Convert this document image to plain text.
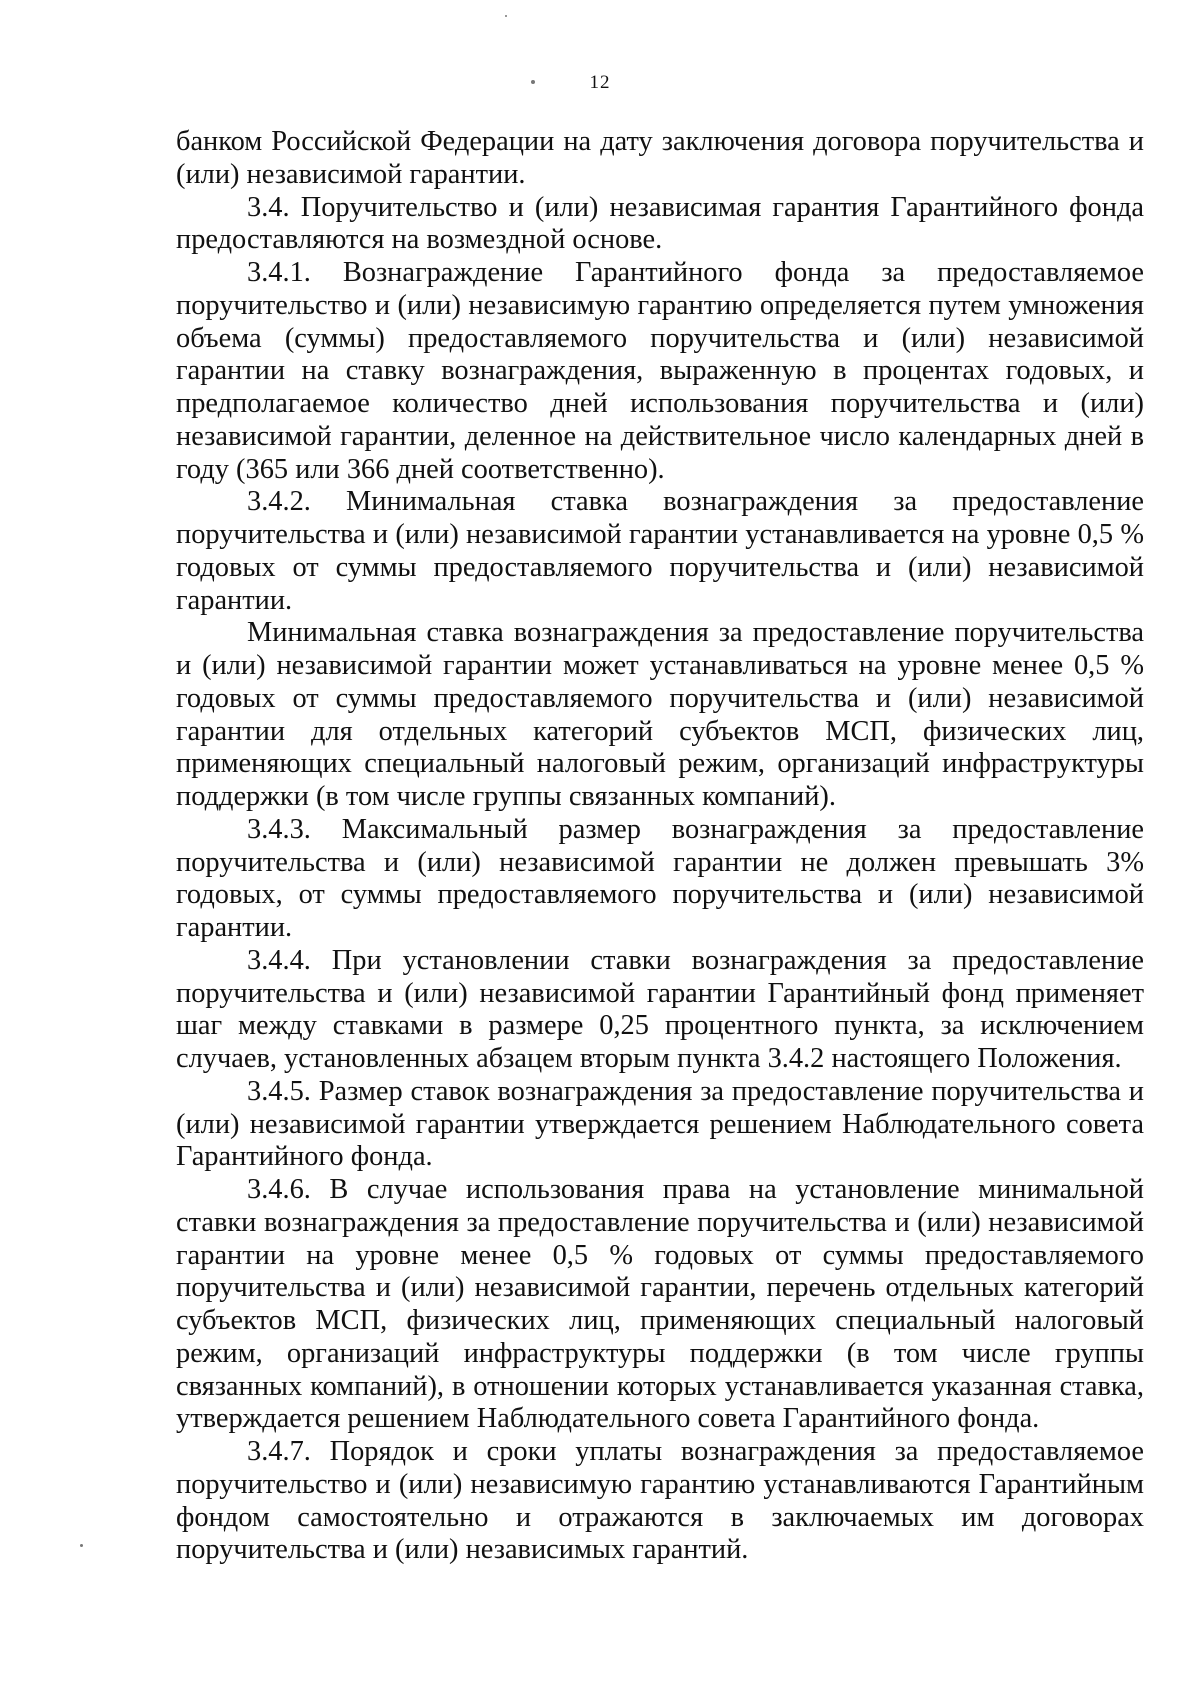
12

банком Российской Федерации на дату заключения договора поручительства и (или) независимой гарантии.

3.4. Поручительство и (или) независимая гарантия Гарантийного фонда предоставляются на возмездной основе.

3.4.1. Вознаграждение Гарантийного фонда за предоставляемое поручительство и (или) независимую гарантию определяется путем умножения объема (суммы) предоставляемого поручительства и (или) независимой гарантии на ставку вознаграждения, выраженную в процентах годовых, и предполагаемое количество дней использования поручительства и (или) независимой гарантии, деленное на действительное число календарных дней в году (365 или 366 дней соответственно).

3.4.2. Минимальная ставка вознаграждения за предоставление поручительства и (или) независимой гарантии устанавливается на уровне 0,5 % годовых от суммы предоставляемого поручительства и (или) независимой гарантии.

Минимальная ставка вознаграждения за предоставление поручительства и (или) независимой гарантии может устанавливаться на уровне менее 0,5 % годовых от суммы предоставляемого поручительства и (или) независимой гарантии для отдельных категорий субъектов МСП, физических лиц, применяющих специальный налоговый режим, организаций инфраструктуры поддержки (в том числе группы связанных компаний).

3.4.3. Максимальный размер вознаграждения за предоставление поручительства и (или) независимой гарантии не должен превышать 3% годовых, от суммы предоставляемого поручительства и (или) независимой гарантии.

3.4.4. При установлении ставки вознаграждения за предоставление поручительства и (или) независимой гарантии Гарантийный фонд применяет шаг между ставками в размере 0,25 процентного пункта, за исключением случаев, установленных абзацем вторым пункта 3.4.2 настоящего Положения.

3.4.5. Размер ставок вознаграждения за предоставление поручительства и (или) независимой гарантии утверждается решением Наблюдательного совета Гарантийного фонда.

3.4.6. В случае использования права на установление минимальной ставки вознаграждения за предоставление поручительства и (или) независимой гарантии на уровне менее 0,5 % годовых от суммы предоставляемого поручительства и (или) независимой гарантии, перечень отдельных категорий субъектов МСП, физических лиц, применяющих специальный налоговый режим, организаций инфраструктуры поддержки (в том числе группы связанных компаний), в отношении которых устанавливается указанная ставка, утверждается решением Наблюдательного совета Гарантийного фонда.

3.4.7. Порядок и сроки уплаты вознаграждения за предоставляемое поручительство и (или) независимую гарантию устанавливаются Гарантийным фондом самостоятельно и отражаются в заключаемых им договорах поручительства и (или) независимых гарантий.
